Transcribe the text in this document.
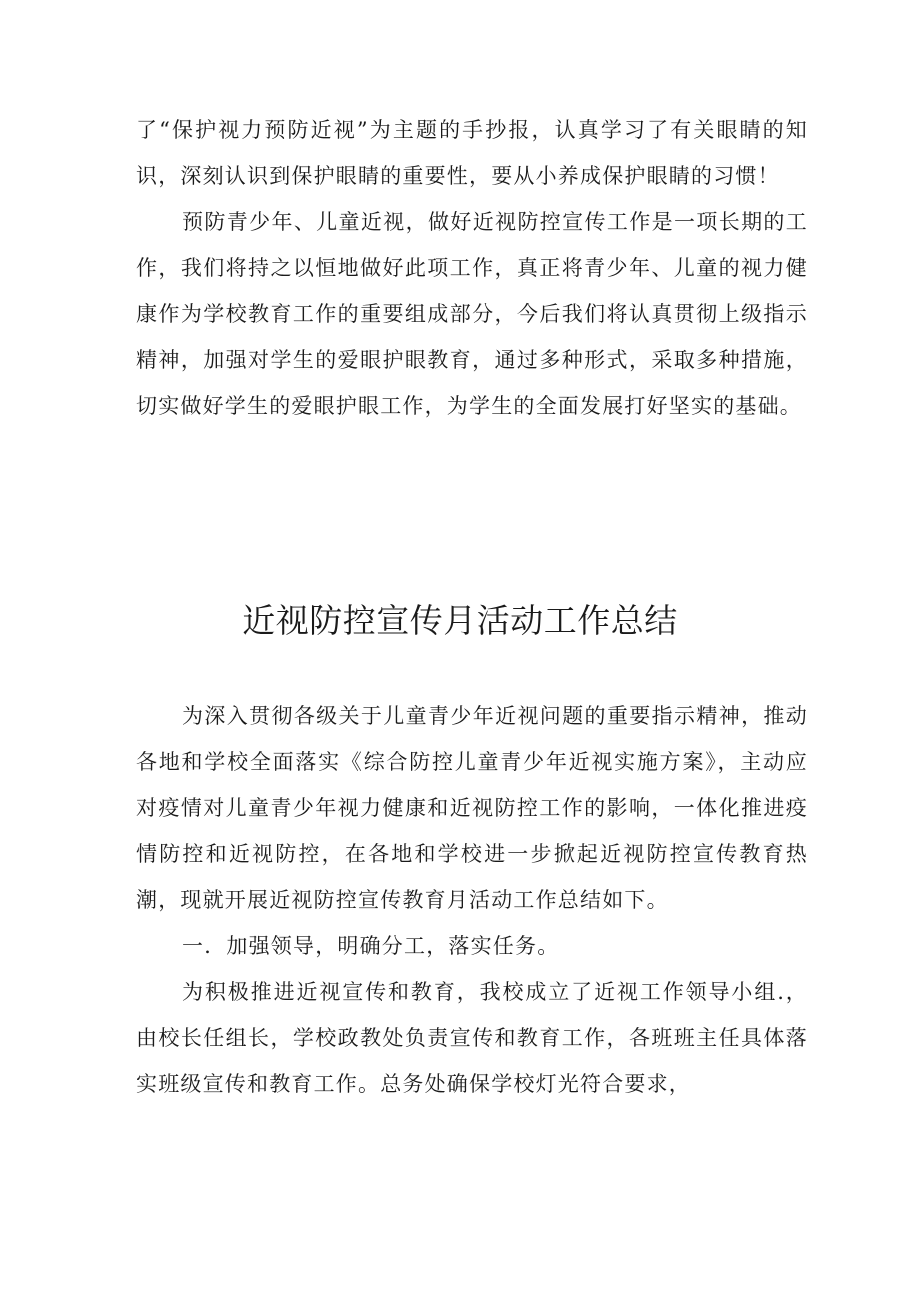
了“保护视力预防近视”为主题的手抄报，认真学习了有关眼睛的知识，深刻认识到保护眼睛的重要性，要从小养成保护眼睛的习惯！

预防青少年、儿童近视，做好近视防控宣传工作是一项长期的工作，我们将持之以恒地做好此项工作，真正将青少年、儿童的视力健康作为学校教育工作的重要组成部分，今后我们将认真贯彻上级指示精神，加强对学生的爱眼护眼教育，通过多种形式，采取多种措施，切实做好学生的爱眼护眼工作，为学生的全面发展打好坚实的基础。

近视防控宣传月活动工作总结

为深入贯彻各级关于儿童青少年近视问题的重要指示精神，推动各地和学校全面落实《综合防控儿童青少年近视实施方案》，主动应对疫情对儿童青少年视力健康和近视防控工作的影响，一体化推进疫情防控和近视防控，在各地和学校进一步掀起近视防控宣传教育热潮，现就开展近视防控宣传教育月活动工作总结如下。

一．加强领导，明确分工，落实任务。

为积极推进近视宣传和教育，我校成立了近视工作领导小组.，由校长任组长，学校政教处负责宣传和教育工作，各班班主任具体落实班级宣传和教育工作。总务处确保学校灯光符合要求，
